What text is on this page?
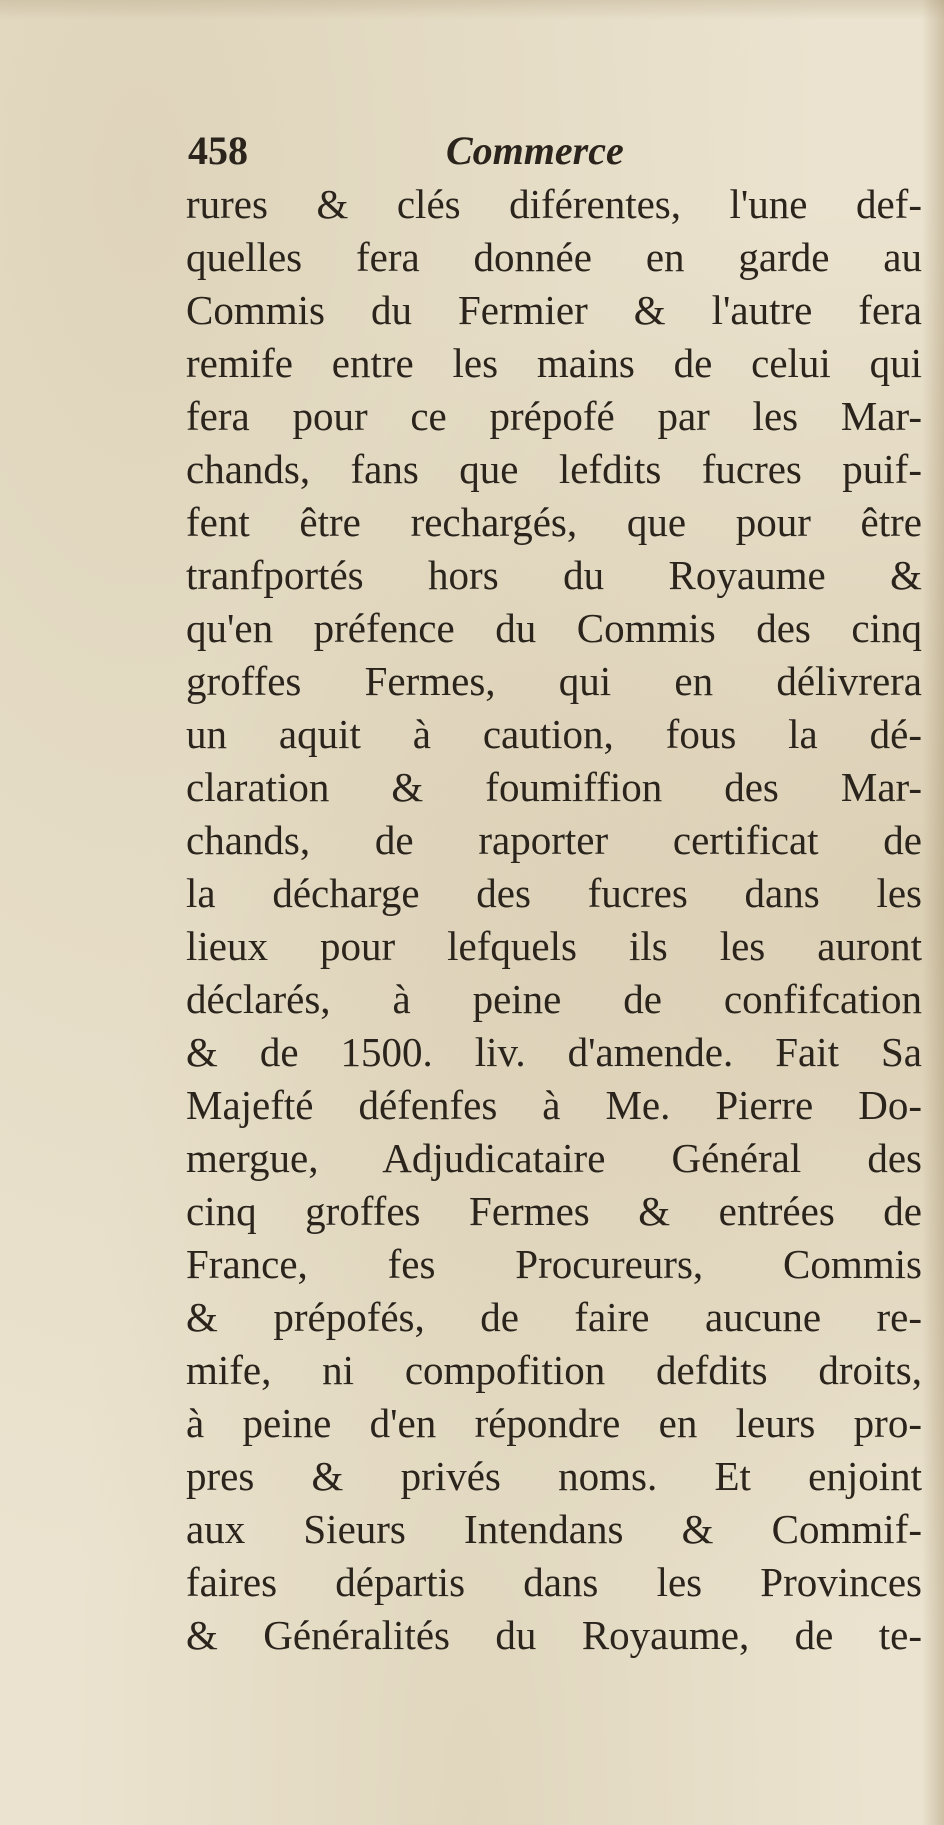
458	Commerce
rures & clés diférentes, l'une def-
quelles fera donnée en garde au
Commis du Fermier & l'autre fera
remife entre les mains de celui qui
fera pour ce prépofé par les Mar-
chands, fans que lefdits fucres puif-
fent être rechargés, que pour être
tranfportés hors du Royaume &
qu'en préfence du Commis des cinq
groffes Fermes, qui en délivrera
un aquit à caution, fous la dé-
claration & foumiffion des Mar-
chands, de raporter certificat de
la décharge des fucres dans les
lieux pour lefquels ils les auront
déclarés, à peine de confifcation
& de 1500. liv. d'amende. Fait Sa
Majefté défenfes à Me. Pierre Do-
mergue, Adjudicataire Général des
cinq groffes Fermes & entrées de
France, fes Procureurs, Commis
& prépofés, de faire aucune re-
mife, ni compofition defdits droits,
à peine d'en répondre en leurs pro-
pres & privés noms. Et enjoint
aux Sieurs Intendans & Commif-
faires départis dans les Provinces
& Généralités du Royaume, de te-
